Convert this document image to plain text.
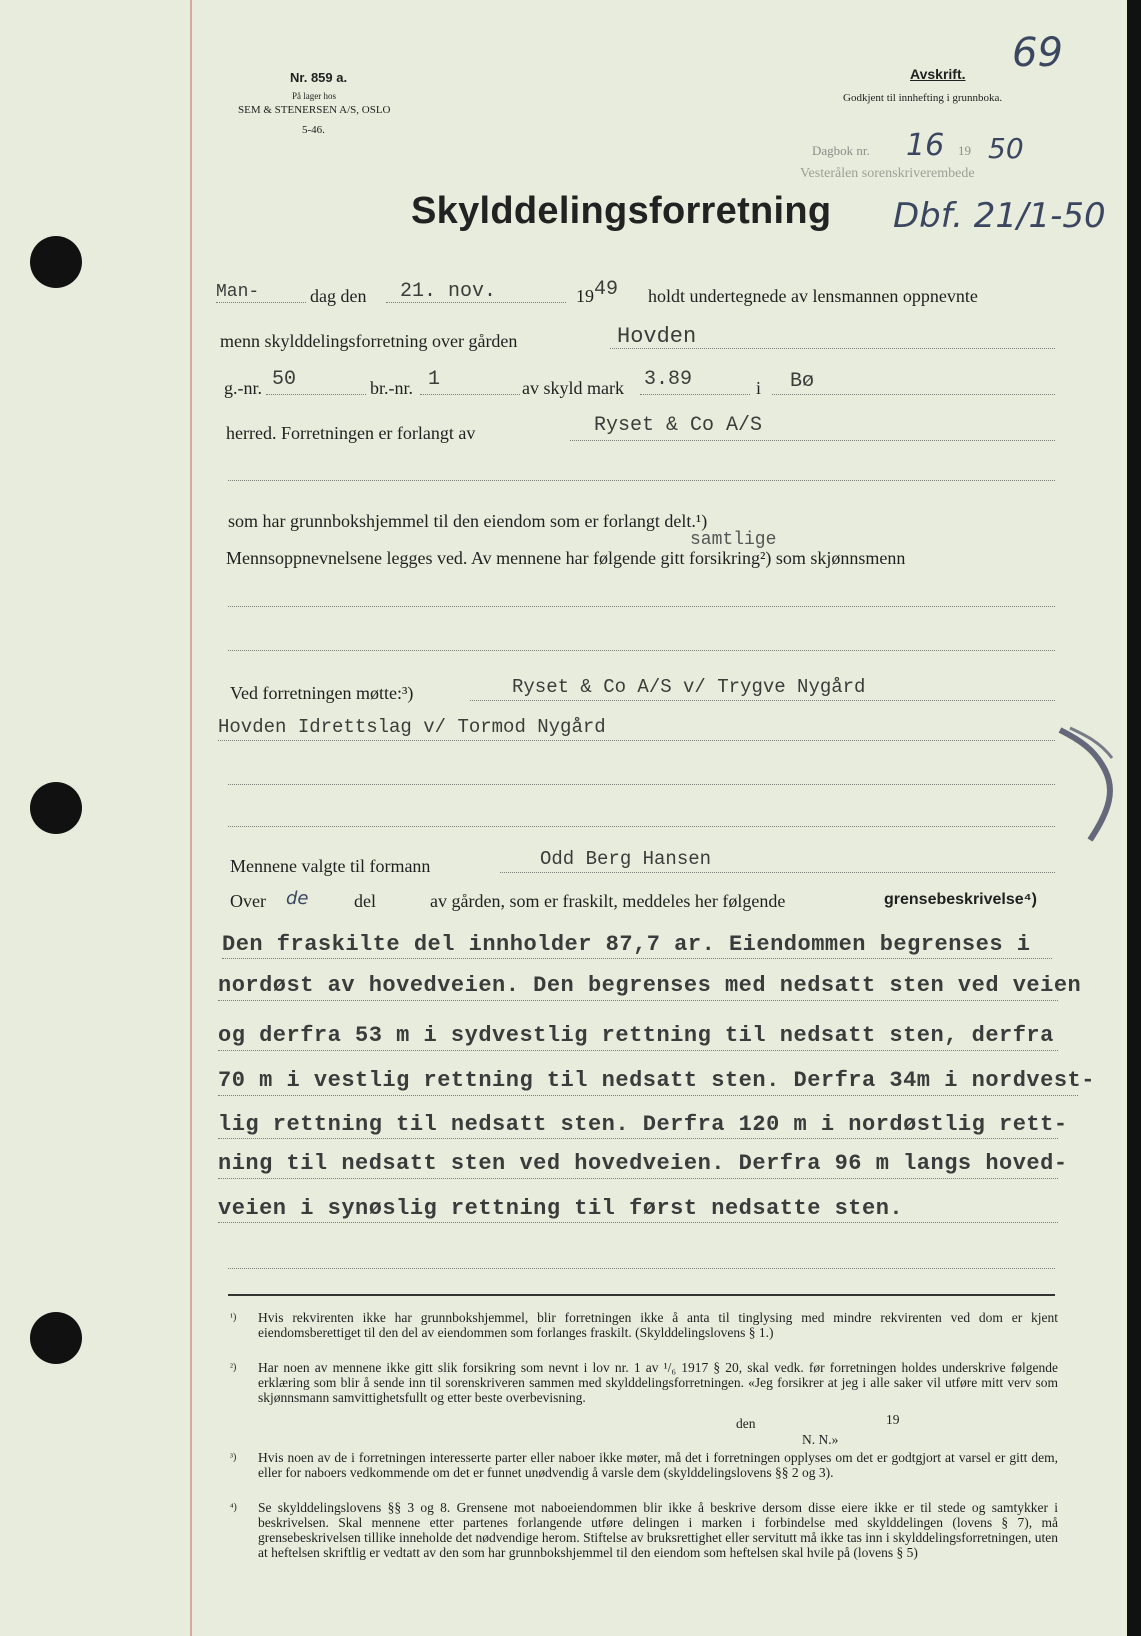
Nr. 859 a.
På lager hos
SEM & STENERSEN A/S, OSLO
5-46.
Avskrift.
Godkjent til innhefting i grunnboka.
69
Dagbok nr. 16 19 50
Vesterålen sorenskriverembede
Skylddelingsforretning Dbf. 21/1-50
Man-	dag den 21. nov.	19 49 holdt undertegnede av lensmannen oppnevnte
menn skylddelingsforretning over gården	Hovden
g.-nr. 50	br.-nr. 1	av skyld mark 3.89	i Bø
herred. Forretningen er forlangt av	Ryset & Co A/S
som har grunnbokshjemmel til den eiendom som er forlangt delt.¹)
samtlige
Mennsoppnevnelsene legges ved. Av mennene har følgende gitt forsikring²) som skjønnsmenn
Ved forretningen møtte:³)	Ryset & Co A/S v/ Trygve Nygård
Hovden Idrettslag v/ Tormod Nygård
Mennene valgte til formann	Odd Berg Hansen
Over de	del	av gården, som er fraskilt, meddeles her følgende	grensebeskrivelse⁴)
Den fraskilte del innholder 87,7 ar. Eiendommen begrenses i
nordøst av hovedveien. Den begrenses med nedsatt sten ved veien
og derfra 53 m i sydvestlig rettning til nedsatt sten, derfra
70 m i vestlig rettning til nedsatt sten. Derfra 34m i nordvest-
lig rettning til nedsatt sten. Derfra 120 m i nordøstlig rett-
ning til nedsatt sten ved hovedveien. Derfra 96 m langs hoved-
veien i synøslig rettning til først nedsatte sten.
¹) Hvis rekvirenten ikke har grunnbokshjemmel, blir forretningen ikke å anta til tinglysing med mindre rekvirenten ved dom er kjent eiendomsberettiget til den del av eiendommen som forlanges fraskilt. (Skylddelingslovens § 1.)
²) Har noen av mennene ikke gitt slik forsikring som nevnt i lov nr. 1 av ¹/₆ 1917 § 20, skal vedk. før forretningen holdes underskrive følgende erklæring som blir å sende inn til sorenskriveren sammen med skylddelingsforretningen. «Jeg forsikrer at jeg i alle saker vil utføre mitt verv som skjønnsmann samvittighetsfullt og etter beste overbevisning.
den	19
N. N.»
³) Hvis noen av de i forretningen interesserte parter eller naboer ikke møter, må det i forretningen opplyses om det er godtgjort at varsel er gitt dem, eller for naboers vedkommende om det er funnet unødvendig å varsle dem (skylddelingslovens §§ 2 og 3).
⁴) Se skylddelingslovens §§ 3 og 8. Grensene mot naboeiendommen blir ikke å beskrive dersom disse eiere ikke er til stede og samtykker i beskrivelsen. Skal mennene etter partenes forlangende utføre delingen i marken i forbindelse med skylddelingen (lovens § 7), må grensebeskrivelsen tillike inneholde det nødvendige herom. Stiftelse av bruksrettighet eller servitutt må ikke tas inn i skylddelingsforretningen, uten at heftelsen skriftlig er vedtatt av den som har grunnbokshjemmel til den eiendom som heftelsen skal hvile på (lovens § 5)
